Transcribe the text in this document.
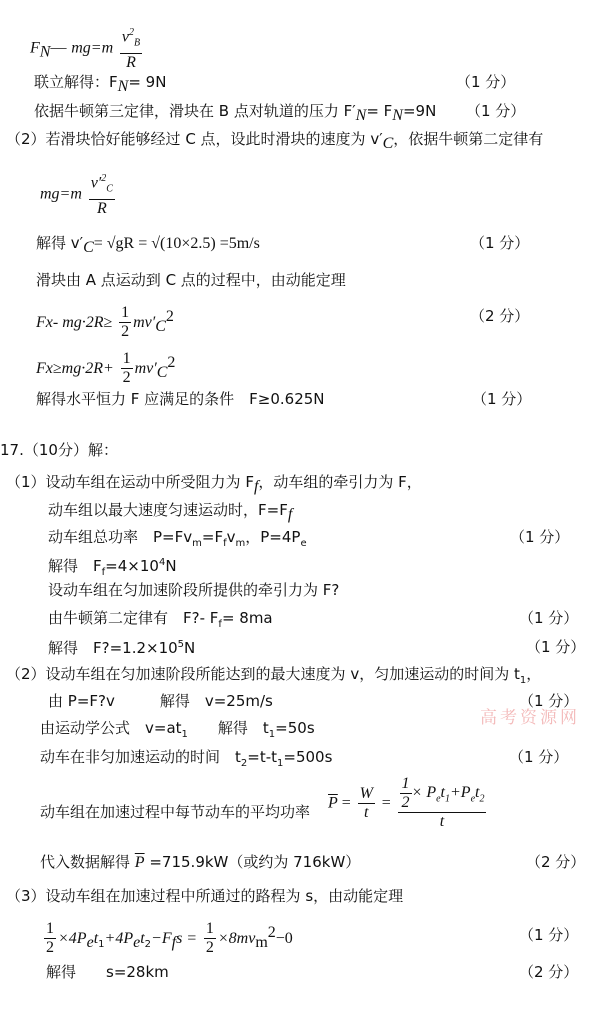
$F_N—$ $mg=m \frac{v^2_B}{R}$
联立解得：$F_N= 9N$	（1 分）
依据牛顿第三定律，滑块在 B 点对轨道的压力 $F'_N= F_N=9N$ （1 分）
（2）若滑块恰好能够经过 C 点，设此时滑块的速度为 $v'_C$，依据牛顿第二定律有
$mg=m \frac{v'^2_C}{R}$
解得 $v'_C= √gR = √(10\times 2.5) =5m/s$	（1 分）
滑块由 A 点运动到 C 点的过程中，由动能定理
Fx- $mg\cdot 2R\ge \frac{1}{2} mv'_C^2$	（2 分）
$Fx\ge mg\cdot 2R+ \frac{1}{2} mv'_C^2$
解得水平恒力 F 应满足的条件　F≥0.625N	（1 分）
17.（10分）解：
（1）设动车组在运动中所受阻力为 $F_f$，动车组的牵引力为 F，
动车组以最大速度匀速运动时，$F=F_f$
动车组总功率　$P=Fv_m=F_fv_m$，$P=4P_e$	（1 分）
解得　$F_f=4\times 10^4N$
设动车组在匀加速阶段所提供的牵引力为 F?
由牛顿第二定律有　F?- $F_f= 8ma$	（1 分）
解得　$F?=1.2\times 10^5N$	（1 分）
（2）设动车组在匀加速阶段所能达到的最大速度为 v，匀加速运动的时间为 $t_1$，
由 P=F?v　　　解得　v=25m/s	（1 分）
高考资源网
由运动学公式　$v=at_1$　　解得　$t_1=50s$
动车在非匀加速运动的时间　$t_2=t-t_1=500s$	（1 分）
动车组在加速过程中每节动车的平均功率 $\overline{P} = \frac{W}{t} = \frac{\frac{1}{2} \times P_et_1+P_et_2}{t}$
代入数据解得 $\overline{P} =715.9kW$（或约为 716kW）	（2 分）
（3）设动车组在加速过程中所通过的路程为 s，由动能定理
$\frac{1}{2} \times 4P_et_1+4P_et_2-F_fs = \frac{1}{2} \times 8mv_m^2-0$	（1 分）
解得　　s=28km	（2 分）
